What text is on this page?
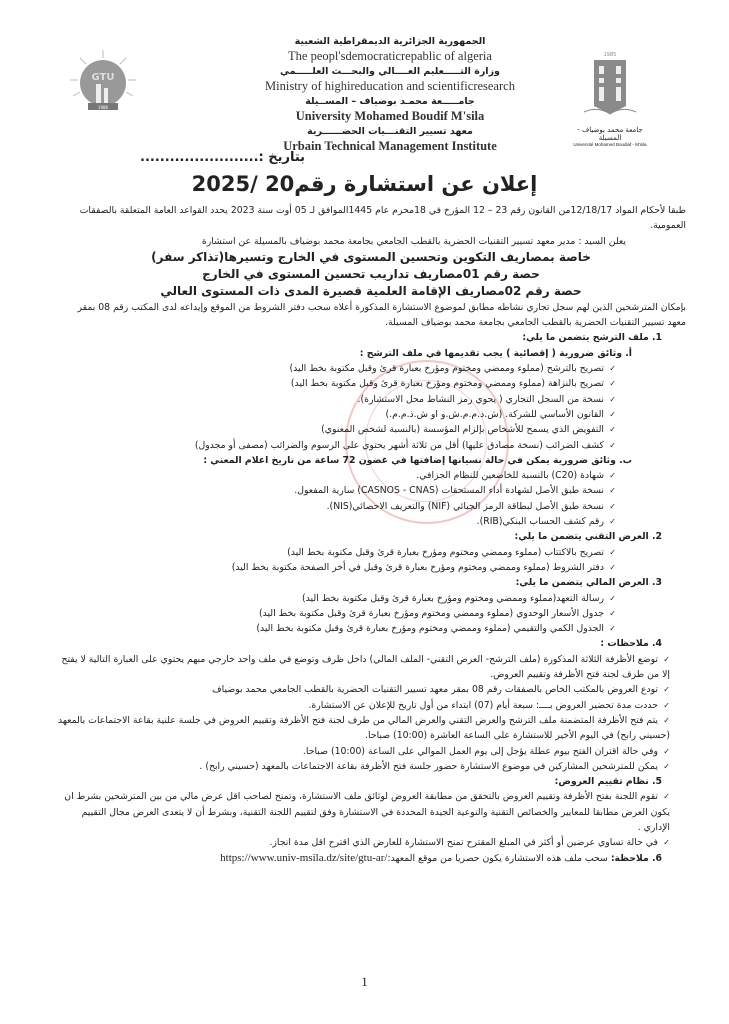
GTU
1986
الجمهورية الجزائرية الديمقراطية الشعبية
The peopl'sdemocraticrepablic of algeria
وزارة التـــــعليم العــــالي والبحـــث العلـــــمي
Ministry of highireducation and scientificresearch
جامـــــعة محمـد بوضياف – المســيلة
University Mohamed Boudif M'sila
معهد تسيير التقنـــيات الحضــــــرية
Urbain Technical Management Institute
1985
جامعة محمد بوضياف - المسيلة
Université Mohamed Boudiaf - M'sila
بتاريخ :........................
إعلان عن استشارة رقم20 /2025

طبقا لأحكام المواد 12/18/17من القانون رقم 23 – 12 المؤرخ في 18محرم عام 1445الموافق لـ 05 أوت سنة 2023 يحدد القواعد العامة المتعلقة بالصفقات العمومية.

يعلن السيد : مدير معهد تسيير التقنيات الحضرية بالقطب الجامعي بجامعة محمد بوضياف بالمسيلة عن استشارة

خاصة بمصاريف التكوين وتحسين المستوى في الخارج وتسيرها(تذاكر سفر)

حصة رقم 01مصاريف تداريب تحسين المستوى في الخارج

حصة رقم 02مصاريف الإقامة العلمية قصيرة المدى ذات المستوى العالي

بإمكان المترشحين الذين لهم سجل تجاري نشاطه مطابق لموضوع الاستشارة المذكورة أعلاه سحب دفتر الشروط من الموقع وإيداعه لدى المكتب رقم 08 بمقر معهد تسيير التقنيات الحضرية بالقطب الجامعي بجامعة محمد بوضياف المسيلة.

1. ملف الترشح يتضمن ما يلي:

أ. وثائق ضرورية ( إقصائية ) يجب تقديمها في ملف الترشح :

✓ تصريح بالترشح (مملوء وممضي ومختوم ومؤرخ بعبارة قرئ وقبل مكتوبة بخط اليد)

✓ تصريح بالنزاهة (مملوء وممضي ومختوم ومؤرخ بعبارة قرئ وقبل مكتوبة بخط اليد)

✓ نسخة من السجل التجاري ( يحوي رمز النشاط محل الاستشارة).

✓ القانون الأساسي للشركة. (ش.ذ.م.م.ش.و او ش.ذ.م.م.)

✓ التفويض الذي يسمح للأشخاص بإلزام المؤسسة (بالنسبة لشخص المعنوي)

✓ كشف الضرائب (نسخة مصادق عليها) أقل من ثلاثة أشهر يحتوي على الرسوم والضرائب (مصفى أو مجدول)

ب. وثائق ضرورية يمكن في حالة نسيانها إضافتها في غضون 72 ساعة من تاريخ اعلام المعني :

✓ شهادة (C20) بالنسبة للخاضعين للنظام الجزافي.

✓ نسخة طبق الأصل لشهادة أداء المستحقات (CASNOS - CNAS) سارية المفعول.

✓ نسخة طبق الأصل لبطاقة الرمز الجبائي (NIF) والتعريف الاحصائي(NIS).

✓ رقم كشف الحساب البنكي(RIB).

2. العرض التقني يتضمن ما يلي:

✓ تصريح بالاكتتاب (مملوء وممضي ومختوم ومؤرخ بعبارة قرئ وقبل مكتوبة بخط اليد)

✓ دفتر الشروط (مملوء وممضي ومختوم ومؤرخ بعبارة قرئ وقبل في أخر الصفحة مكتوبة بخط اليد)

3. العرض المالي يتضمن ما يلي:

✓ رسالة التعهد(مملوء وممضي ومختوم ومؤرخ بعبارة قرئ وقبل مكتوبة بخط اليد)

✓ جدول الأسعار الوحدوي (مملوء وممضي ومختوم ومؤرخ بعبارة قرئ وقبل مكتوبة بخط اليد)

✓ الجدول الكمي والتقيمي (مملوء وممضي ومختوم ومؤرخ بعبارة قرئ وقبل مكتوبة بخط اليد)

4. ملاحظات :

✓ توضع الأظرفة الثلاثة المذكورة (ملف الترشح- العرض التقني- الملف المالي) داخل ظرف وتوضع في ملف واحد خارجي مبهم يحتوي على العبارة التالية لا يفتح إلا من طرف لجنة فتح الأظرفة وتقييم العروض.

✓ تودع العروض بالمكتب الخاص بالصفقات رقم 08 بمقر معهد تسيير التقنيات الحضرية بالقطب الجامعي محمد بوضياف

✓ حددت مدة تحضير العروض بــــ: سبعة أيام (07) ابتداء من أول تاريخ للإعلان عن الاستشارة.

✓ يتم فتح الأظرفة المتضمنة ملف الترشح والعرض التقني والعرض المالي من طرف لجنة فتح الأظرفة وتقييم العروض في جلسة علنية بقاعة الاجتماعات بالمعهد (حسيني رابح) في اليوم الأخير للاستشارة على الساعة العاشرة (10:00) صباحا.

✓ وفي حالة اقتران الفتح بيوم عطلة يؤجل إلى يوم العمل الموالي على الساعة (10:00) صباحا.

✓ يمكن للمترشحين المشاركين في موضوع الاستشارة حضور جلسة فتح الأظرفة بقاعة الاجتماعات بالمعهد (حسيني رابح) .

5. نظام تقييم العروض:

✓ تقوم اللجنة بفتح الأظرفة وتقييم العروض بالتحقق من مطابقة العروض لوثائق ملف الاستشارة، وتمنح لصاحب اقل عرض مالي من بين المترشحين بشرط ان يكون العرض مطابقا للمعايير والخصائص التقنية والنوعية الجيدة المحددة في الاستشارة وفق لتقييم اللجنة التقنية، وبشرط أن لا يتعدى العرض مجال التقييم الإداري .

✓ في حالة تساوي عرضين أو أكثر في المبلغ المقترح تمنح الاستشارة للعارض الذي اقترح اقل مدة انجاز.

6. ملاحظة: سحب ملف هذه الاستشارة يكون حصريا من موقع المعهد:https://www.univ-msila.dz/site/gtu-ar/

1
